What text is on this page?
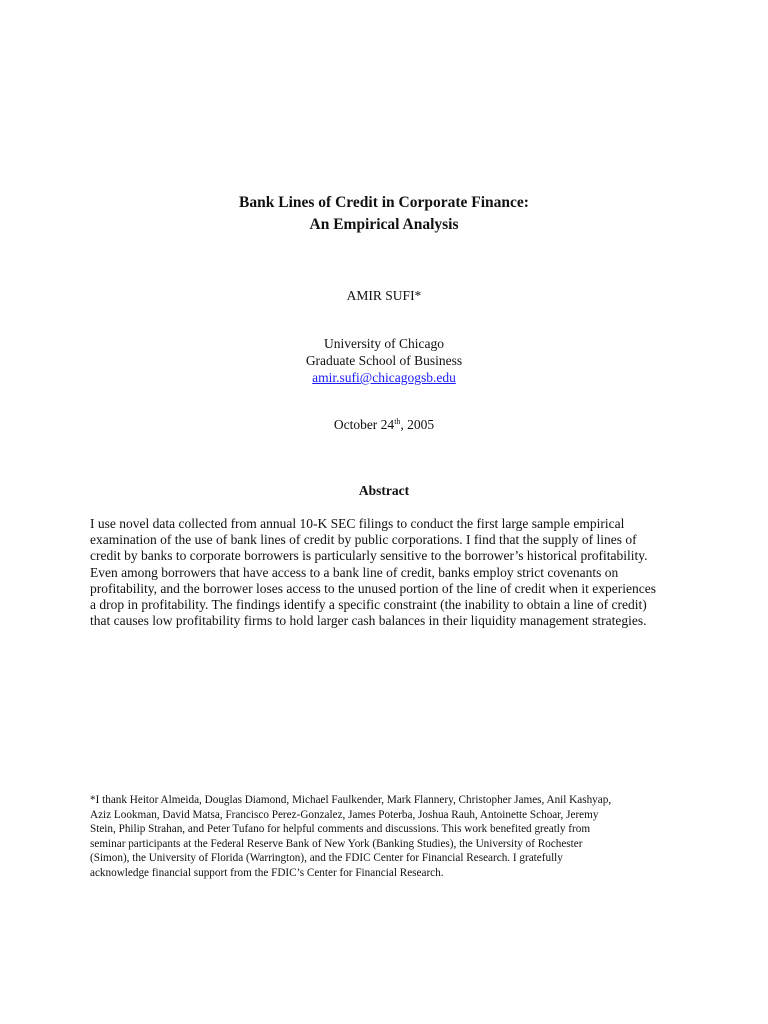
Bank Lines of Credit in Corporate Finance:
An Empirical Analysis
AMIR SUFI*
University of Chicago
Graduate School of Business
amir.sufi@chicagogsb.edu
October 24th, 2005
Abstract
I use novel data collected from annual 10-K SEC filings to conduct the first large sample empirical
examination of the use of bank lines of credit by public corporations. I find that the supply of lines of
credit by banks to corporate borrowers is particularly sensitive to the borrower’s historical profitability.
Even among borrowers that have access to a bank line of credit, banks employ strict covenants on
profitability, and the borrower loses access to the unused portion of the line of credit when it experiences
a drop in profitability. The findings identify a specific constraint (the inability to obtain a line of credit)
that causes low profitability firms to hold larger cash balances in their liquidity management strategies.
*I thank Heitor Almeida, Douglas Diamond, Michael Faulkender, Mark Flannery, Christopher James, Anil Kashyap,
Aziz Lookman, David Matsa, Francisco Perez-Gonzalez, James Poterba, Joshua Rauh, Antoinette Schoar, Jeremy
Stein, Philip Strahan, and Peter Tufano for helpful comments and discussions. This work benefited greatly from
seminar participants at the Federal Reserve Bank of New York (Banking Studies), the University of Rochester
(Simon), the University of Florida (Warrington), and the FDIC Center for Financial Research. I gratefully
acknowledge financial support from the FDIC’s Center for Financial Research.
